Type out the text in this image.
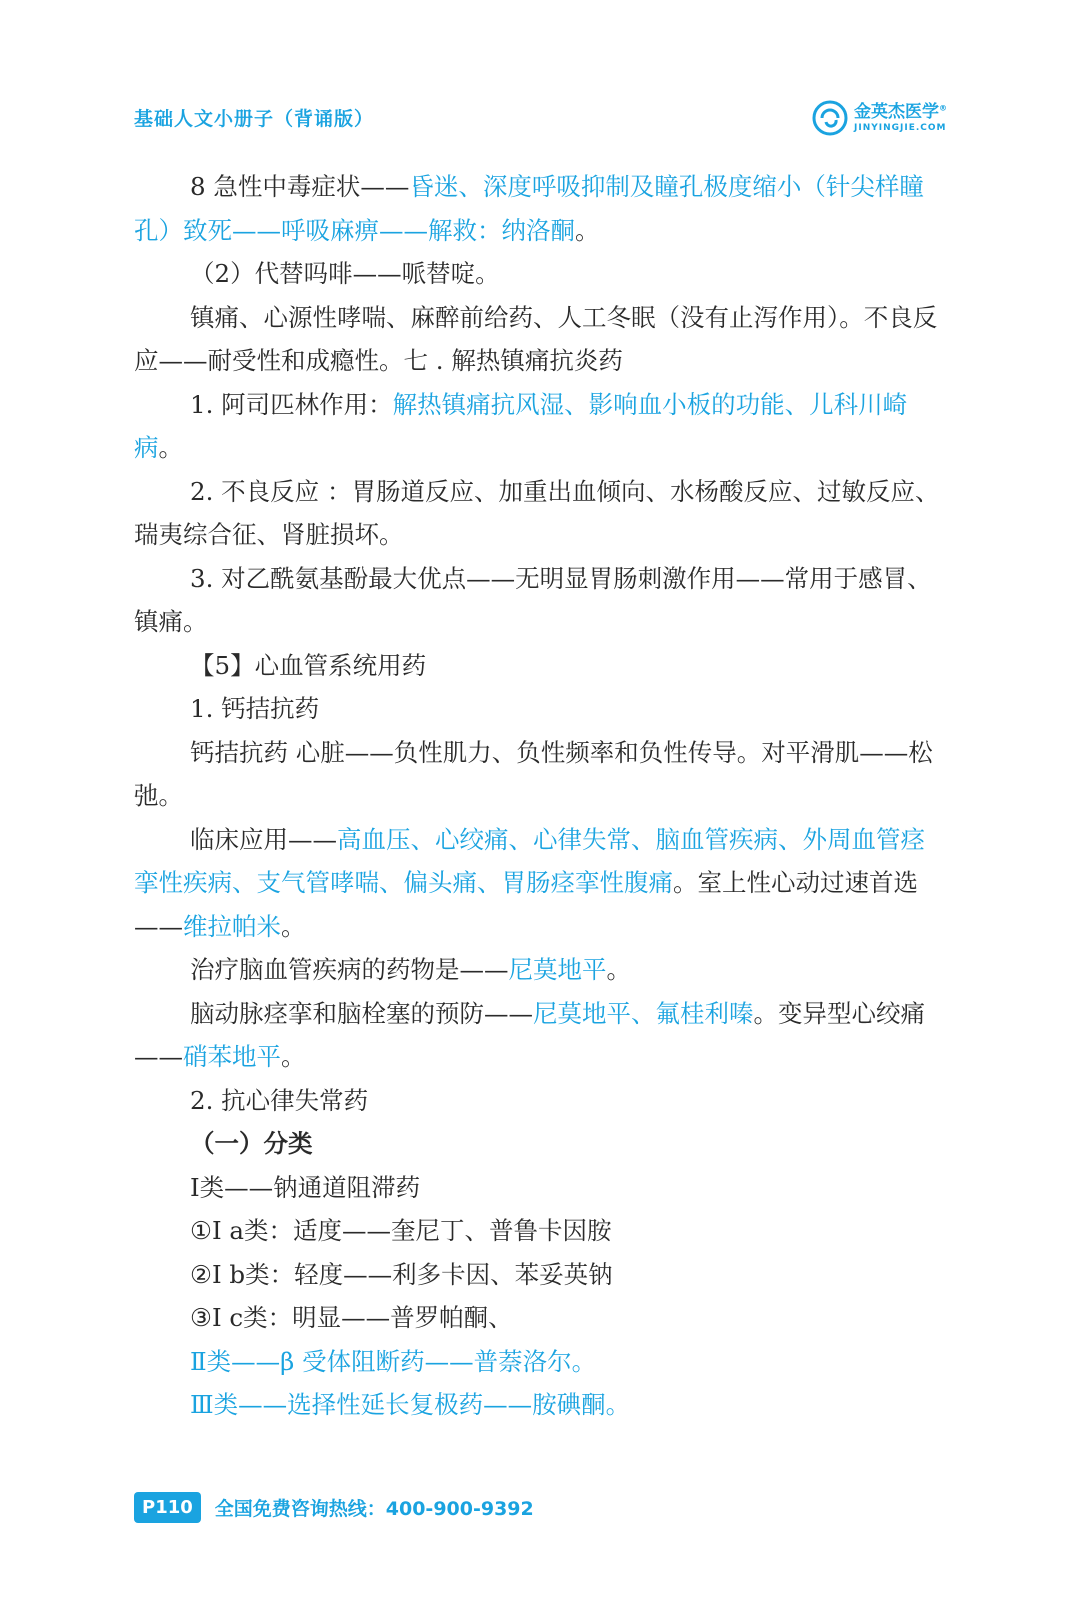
基础人文小册子（背诵版）	金英杰医学®
JINYINGJIE.COM

8 急性中毒症状——昏迷、深度呼吸抑制及瞳孔极度缩小（针尖样瞳孔）致死——呼吸麻痹——解救：纳洛酮。

（2）代替吗啡——哌替啶。

镇痛、心源性哮喘、麻醉前给药、人工冬眠（没有止泻作用）。不良反应——耐受性和成瘾性。七 . 解热镇痛抗炎药

1. 阿司匹林作用：解热镇痛抗风湿、影响血小板的功能、儿科川崎病。

2. 不良反应 ：胃肠道反应、加重出血倾向、水杨酸反应、过敏反应、瑞夷综合征、肾脏损坏。

3. 对乙酰氨基酚最大优点——无明显胃肠刺激作用——常用于感冒、镇痛。

【5】心血管系统用药

1. 钙拮抗药

钙拮抗药 心脏——负性肌力、负性频率和负性传导。对平滑肌——松弛。

临床应用——高血压、心绞痛、心律失常、脑血管疾病、外周血管痉挛性疾病、支气管哮喘、偏头痛、胃肠痉挛性腹痛。室上性心动过速首选——维拉帕米。

治疗脑血管疾病的药物是——尼莫地平。

脑动脉痉挛和脑栓塞的预防——尼莫地平、氟桂利嗪。变异型心绞痛——硝苯地平。

2. 抗心律失常药

（一）分类

Ⅰ类——钠通道阻滞药

①Ⅰ a类：适度——奎尼丁、普鲁卡因胺

②Ⅰ b类：轻度——利多卡因、苯妥英钠

③Ⅰ c类：明显——普罗帕酮、

Ⅱ类——β 受体阻断药——普萘洛尔。

Ⅲ类——选择性延长复极药——胺碘酮。

P110	全国免费咨询热线：400-900-9392
